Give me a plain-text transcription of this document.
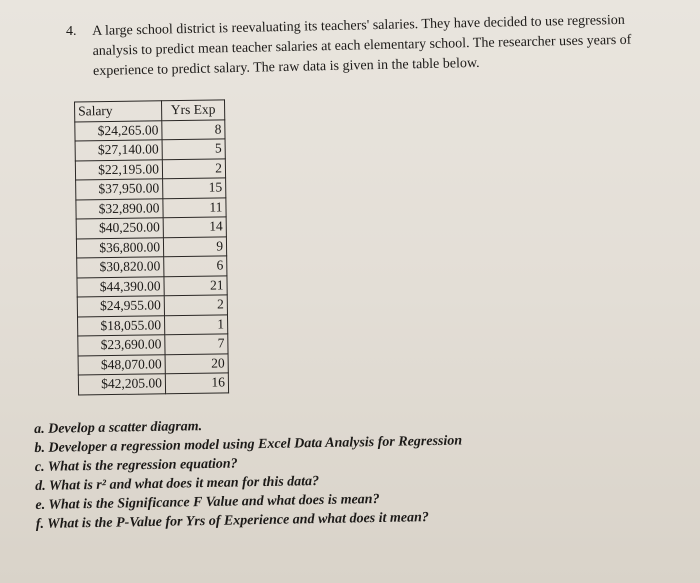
4. A large school district is reevaluating its teachers' salaries. They have decided to use regression
analysis to predict mean teacher salaries at each elementary school. The researcher uses years of
experience to predict salary. The raw data is given in the table below.
	Salary	Yrs Exp
	$24,265.00	8
	$27,140.00	5
	$22,195.00	2
	$37,950.00	15
	$32,890.00	11
	$40,250.00	14
	$36,800.00	9
	$30,820.00	6
	$44,390.00	21
	$24,955.00	2
	$18,055.00	1
	$23,690.00	7
	$48,070.00	20
	$42,205.00	16
a. Develop a scatter diagram.
b. Developer a regression model using Excel Data Analysis for Regression
c. What is the regression equation?
d. What is r² and what does it mean for this data?
e. What is the Significance F Value and what does is mean?
f. What is the P-Value for Yrs of Experience and what does it mean?
